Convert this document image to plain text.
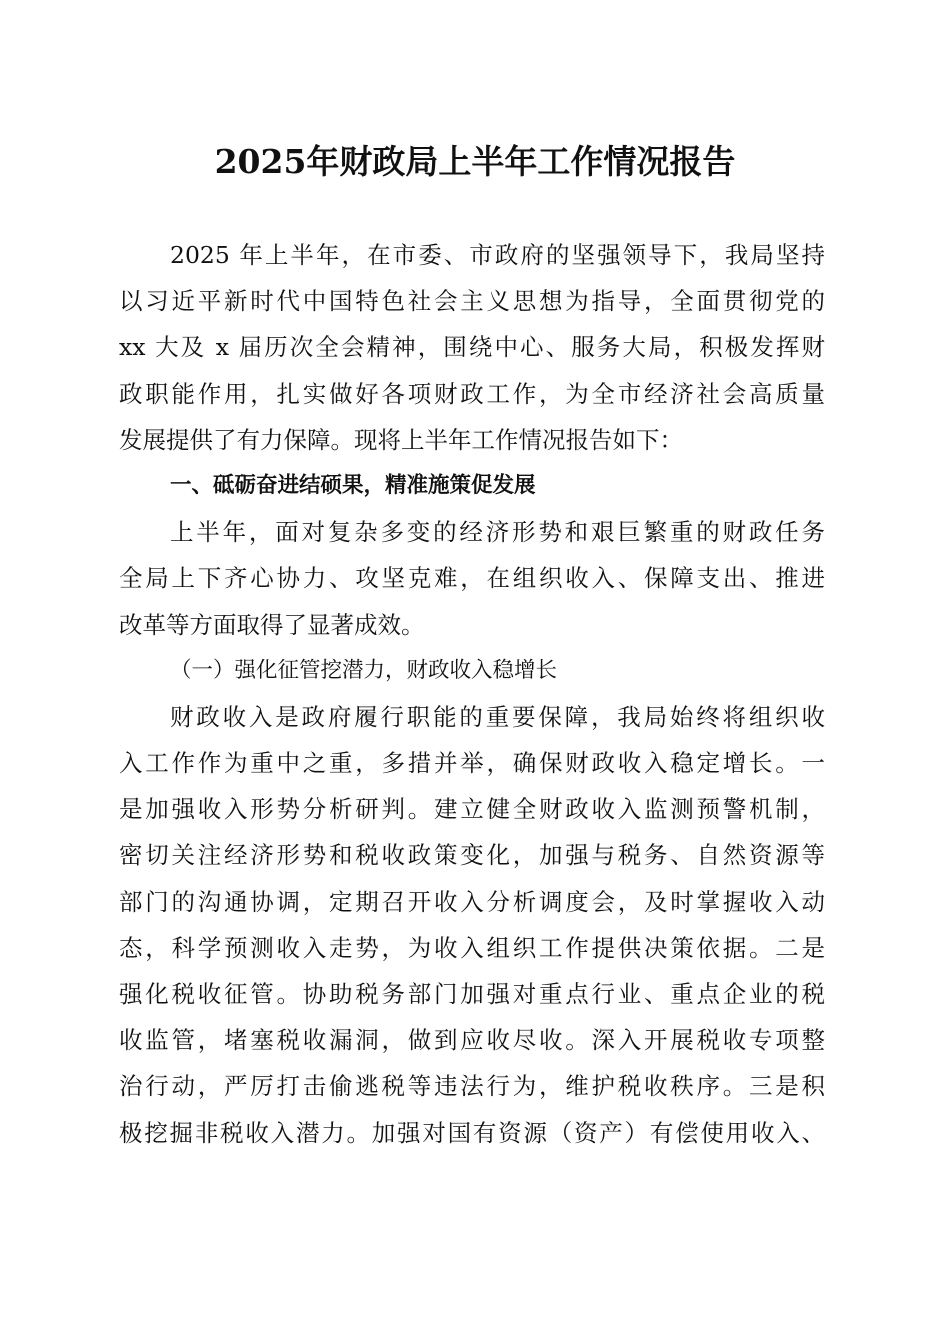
2025年财政局上半年工作情况报告
2025 年上半年，在市委、市政府的坚强领导下，我局坚持
以习近平新时代中国特色社会主义思想为指导，全面贯彻党的
xx 大及 x 届历次全会精神，围绕中心、服务大局，积极发挥财
政职能作用，扎实做好各项财政工作，为全市经济社会高质量
发展提供了有力保障。现将上半年工作情况报告如下：
一、砥砺奋进结硕果，精准施策促发展
上半年，面对复杂多变的经济形势和艰巨繁重的财政任务
全局上下齐心协力、攻坚克难，在组织收入、保障支出、推进
改革等方面取得了显著成效。
（一）强化征管挖潜力，财政收入稳增长
财政收入是政府履行职能的重要保障，我局始终将组织收
入工作作为重中之重，多措并举，确保财政收入稳定增长。一
是加强收入形势分析研判。建立健全财政收入监测预警机制，
密切关注经济形势和税收政策变化，加强与税务、自然资源等
部门的沟通协调，定期召开收入分析调度会，及时掌握收入动
态，科学预测收入走势，为收入组织工作提供决策依据。二是
强化税收征管。协助税务部门加强对重点行业、重点企业的税
收监管，堵塞税收漏洞，做到应收尽收。深入开展税收专项整
治行动，严厉打击偷逃税等违法行为，维护税收秩序。三是积
极挖掘非税收入潜力。加强对国有资源（资产）有偿使用收入、
